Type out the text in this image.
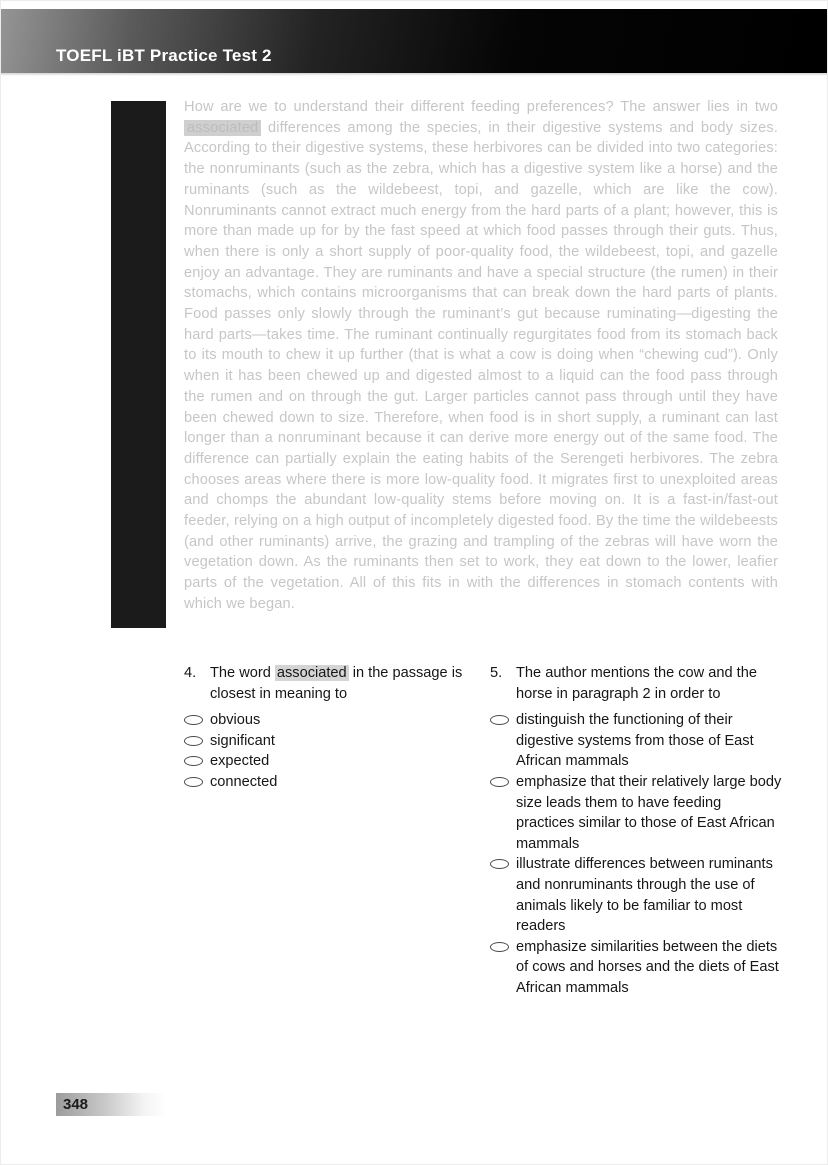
TOEFL iBT Practice Test 2
How are we to understand their different feeding preferences? The answer lies in two associated differences among the species, in their digestive systems and body sizes. According to their digestive systems, these herbivores can be divided into two categories: the nonruminants (such as the zebra, which has a digestive system like a horse) and the ruminants (such as the wildebeest, topi, and gazelle, which are like the cow). Nonruminants cannot extract much energy from the hard parts of a plant; however, this is more than made up for by the fast speed at which food passes through their guts. Thus, when there is only a short supply of poor-quality food, the wildebeest, topi, and gazelle enjoy an advantage. They are ruminants and have a special structure (the rumen) in their stomachs, which contains microorganisms that can break down the hard parts of plants. Food passes only slowly through the ruminant’s gut because ruminating—digesting the hard parts—takes time. The ruminant continually regurgitates food from its stomach back to its mouth to chew it up further (that is what a cow is doing when “chewing cud”). Only when it has been chewed up and digested almost to a liquid can the food pass through the rumen and on through the gut. Larger particles cannot pass through until they have been chewed down to size. Therefore, when food is in short supply, a ruminant can last longer than a nonruminant because it can derive more energy out of the same food. The difference can partially explain the eating habits of the Serengeti herbivores. The zebra chooses areas where there is more low-quality food. It migrates first to unexploited areas and chomps the abundant low-quality stems before moving on. It is a fast-in/fast-out feeder, relying on a high output of incompletely digested food. By the time the wildebeests (and other ruminants) arrive, the grazing and trampling of the zebras will have worn the vegetation down. As the ruminants then set to work, they eat down to the lower, leafier parts of the vegetation. All of this fits in with the differences in stomach contents with which we began.
4. The word associated in the passage is closest in meaning to
obvious
significant
expected
connected
5. The author mentions the cow and the horse in paragraph 2 in order to
distinguish the functioning of their digestive systems from those of East African mammals
emphasize that their relatively large body size leads them to have feeding practices similar to those of East African mammals
illustrate differences between ruminants and nonruminants through the use of animals likely to be familiar to most readers
emphasize similarities between the diets of cows and horses and the diets of East African mammals
348
